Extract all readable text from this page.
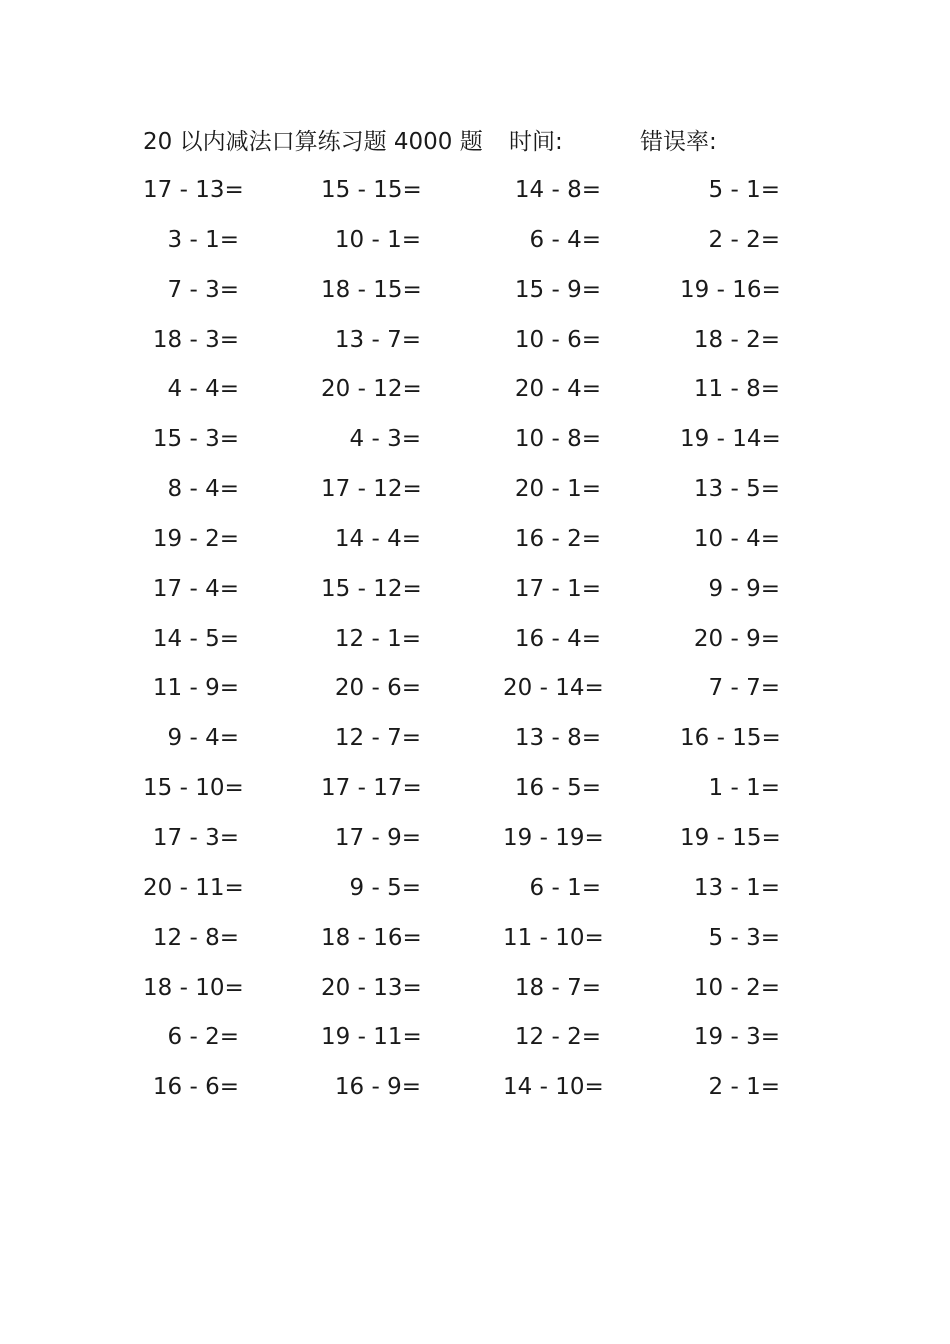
20 以内减法口算练习题 4000 题 时间:	错误率:
17 - 13=	15 - 15=	14 - 8=	5 - 1=
3 - 1=	10 - 1=	6 - 4=	2 - 2=
7 - 3=	18 - 15=	15 - 9=	19 - 16=
18 - 3=	13 - 7=	10 - 6=	18 - 2=
4 - 4=	20 - 12=	20 - 4=	11 - 8=
15 - 3=	4 - 3=	10 - 8=	19 - 14=
8 - 4=	17 - 12=	20 - 1=	13 - 5=
19 - 2=	14 - 4=	16 - 2=	10 - 4=
17 - 4=	15 - 12=	17 - 1=	9 - 9=
14 - 5=	12 - 1=	16 - 4=	20 - 9=
11 - 9=	20 - 6=	20 - 14=	7 - 7=
9 - 4=	12 - 7=	13 - 8=	16 - 15=
15 - 10=	17 - 17=	16 - 5=	1 - 1=
17 - 3=	17 - 9=	19 - 19=	19 - 15=
20 - 11=	9 - 5=	6 - 1=	13 - 1=
12 - 8=	18 - 16=	11 - 10=	5 - 3=
18 - 10=	20 - 13=	18 - 7=	10 - 2=
6 - 2=	19 - 11=	12 - 2=	19 - 3=
16 - 6=	16 - 9=	14 - 10=	2 - 1=
